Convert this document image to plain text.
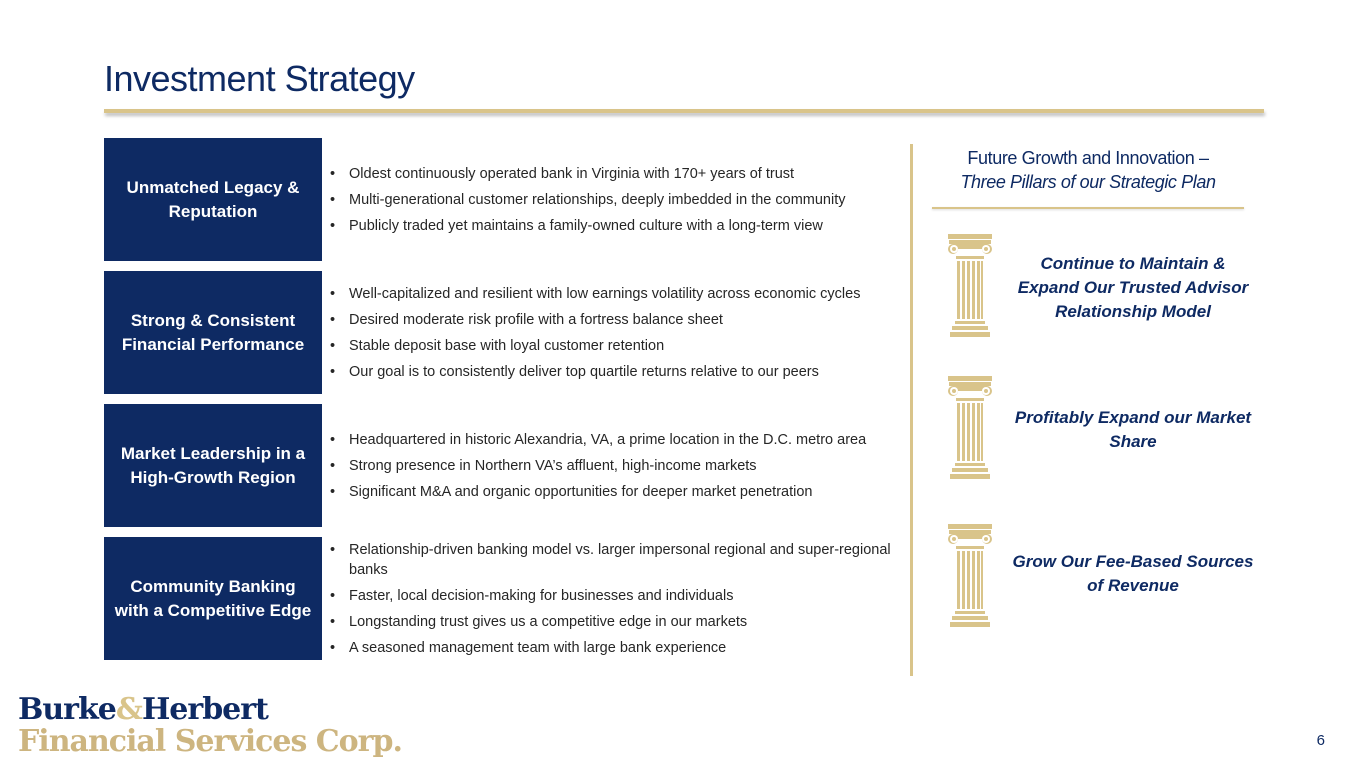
Investment Strategy
Unmatched Legacy & Reputation
• Oldest continuously operated bank in Virginia with 170+ years of trust
• Multi-generational customer relationships, deeply imbedded in the community
• Publicly traded yet maintains a family-owned culture with a long-term view
Strong & Consistent Financial Performance
• Well-capitalized and resilient with low earnings volatility across economic cycles
• Desired moderate risk profile with a fortress balance sheet
• Stable deposit base with loyal customer retention
• Our goal is to consistently deliver top quartile returns relative to our peers
Market Leadership in a High-Growth Region
• Headquartered in historic Alexandria, VA, a prime location in the D.C. metro area
• Strong presence in Northern VA’s affluent, high-income markets
• Significant M&A and organic opportunities for deeper market penetration
Community Banking with a Competitive Edge
• Relationship-driven banking model vs. larger impersonal regional and super-regional banks
• Faster, local decision-making for businesses and individuals
• Longstanding trust gives us a competitive edge in our markets
• A seasoned management team with large bank experience
Future Growth and Innovation –
Three Pillars of our Strategic Plan
Continue to Maintain & Expand Our Trusted Advisor Relationship Model
Profitably Expand our Market Share
Grow Our Fee-Based Sources of Revenue
Burke&Herbert
Financial Services Corp.	6
